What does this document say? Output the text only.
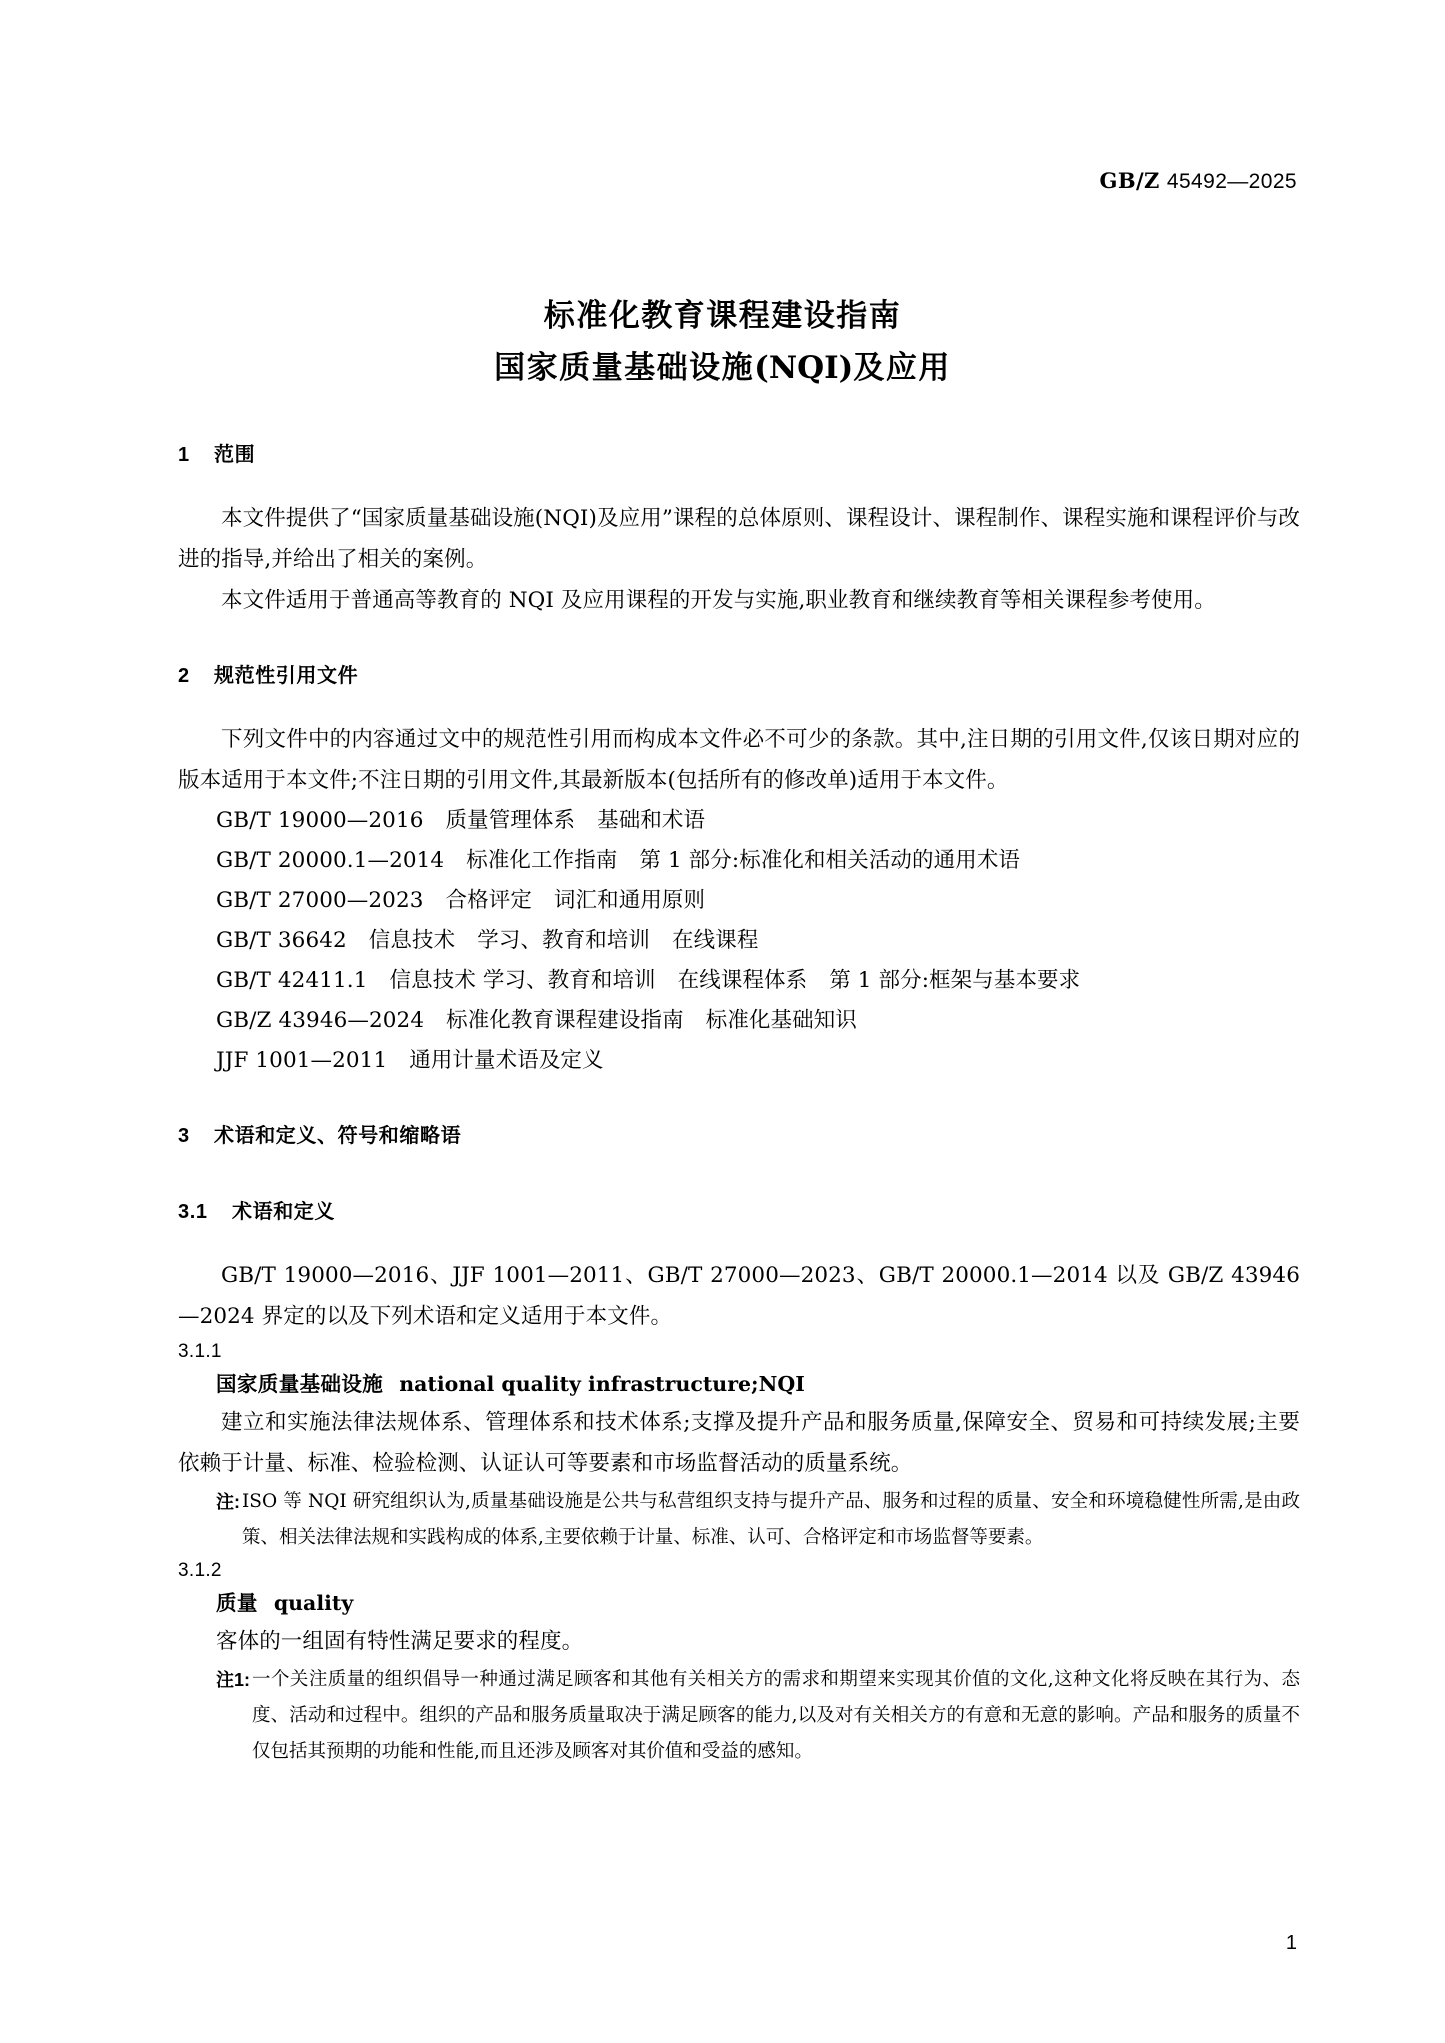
GB/Z 45492—2025
标准化教育课程建设指南
国家质量基础设施(NQI)及应用
1 范围

本文件提供了“国家质量基础设施(NQI)及应用”课程的总体原则、课程设计、课程制作、课程实施和课程评价与改进的指导,并给出了相关的案例。

本文件适用于普通高等教育的 NQI 及应用课程的开发与实施,职业教育和继续教育等相关课程参考使用。

2 规范性引用文件

下列文件中的内容通过文中的规范性引用而构成本文件必不可少的条款。其中,注日期的引用文件,仅该日期对应的版本适用于本文件;不注日期的引用文件,其最新版本(包括所有的修改单)适用于本文件。

GB/T 19000—2016 质量管理体系 基础和术语

GB/T 20000.1—2014 标准化工作指南 第 1 部分:标准化和相关活动的通用术语

GB/T 27000—2023 合格评定 词汇和通用原则

GB/T 36642 信息技术 学习、教育和培训 在线课程

GB/T 42411.1 信息技术 学习、教育和培训 在线课程体系 第 1 部分:框架与基本要求

GB/Z 43946—2024 标准化教育课程建设指南 标准化基础知识

JJF 1001—2011 通用计量术语及定义

3 术语和定义、符号和缩略语
3.1 术语和定义

GB/T 19000—2016、JJF 1001—2011、GB/T 27000—2023、GB/T 20000.1—2014 以及 GB/Z 43946—2024 界定的以及下列术语和定义适用于本文件。

3.1.1

国家质量基础设施 national quality infrastructure;NQI

建立和实施法律法规体系、管理体系和技术体系;支撑及提升产品和服务质量,保障安全、贸易和可持续发展;主要依赖于计量、标准、检验检测、认证认可等要素和市场监督活动的质量系统。

注: ISO 等 NQI 研究组织认为,质量基础设施是公共与私营组织支持与提升产品、服务和过程的质量、安全和环境稳健性所需,是由政策、相关法律法规和实践构成的体系,主要依赖于计量、标准、认可、合格评定和市场监督等要素。

3.1.2

质量 quality

客体的一组固有特性满足要求的程度。

注1: 一个关注质量的组织倡导一种通过满足顾客和其他有关相关方的需求和期望来实现其价值的文化,这种文化将反映在其行为、态度、活动和过程中。组织的产品和服务质量取决于满足顾客的能力,以及对有关相关方的有意和无意的影响。产品和服务的质量不仅包括其预期的功能和性能,而且还涉及顾客对其价值和受益的感知。
1
